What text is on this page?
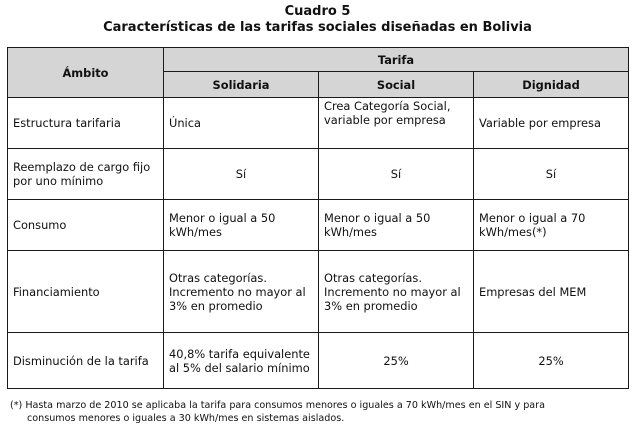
Cuadro 5
Características de las tarifas sociales diseñadas en Bolivia
Ámbito	Tarifa		
	Solidaria	Social	Dignidad
Estructura tarifaria	Única	Crea Categoría Social, variable por empresa	Variable por empresa
Reemplazo de cargo fijo por uno mínimo	Sí	Sí	Sí
Consumo	Menor o igual a 50 kWh/mes	Menor o igual a 50 kWh/mes	Menor o igual a 70 kWh/mes(*)
Financiamiento	Otras categorías. Incremento no mayor al 3% en promedio	Otras categorías. Incremento no mayor al 3% en promedio	Empresas del MEM
Disminución de la tarifa	40,8% tarifa equivalente al 5% del salario mínimo	25%	25%
(*) Hasta marzo de 2010 se aplicaba la tarifa para consumos menores o iguales a 70 kWh/mes en el SIN y para
consumos menores o iguales a 30 kWh/mes en sistemas aislados.
